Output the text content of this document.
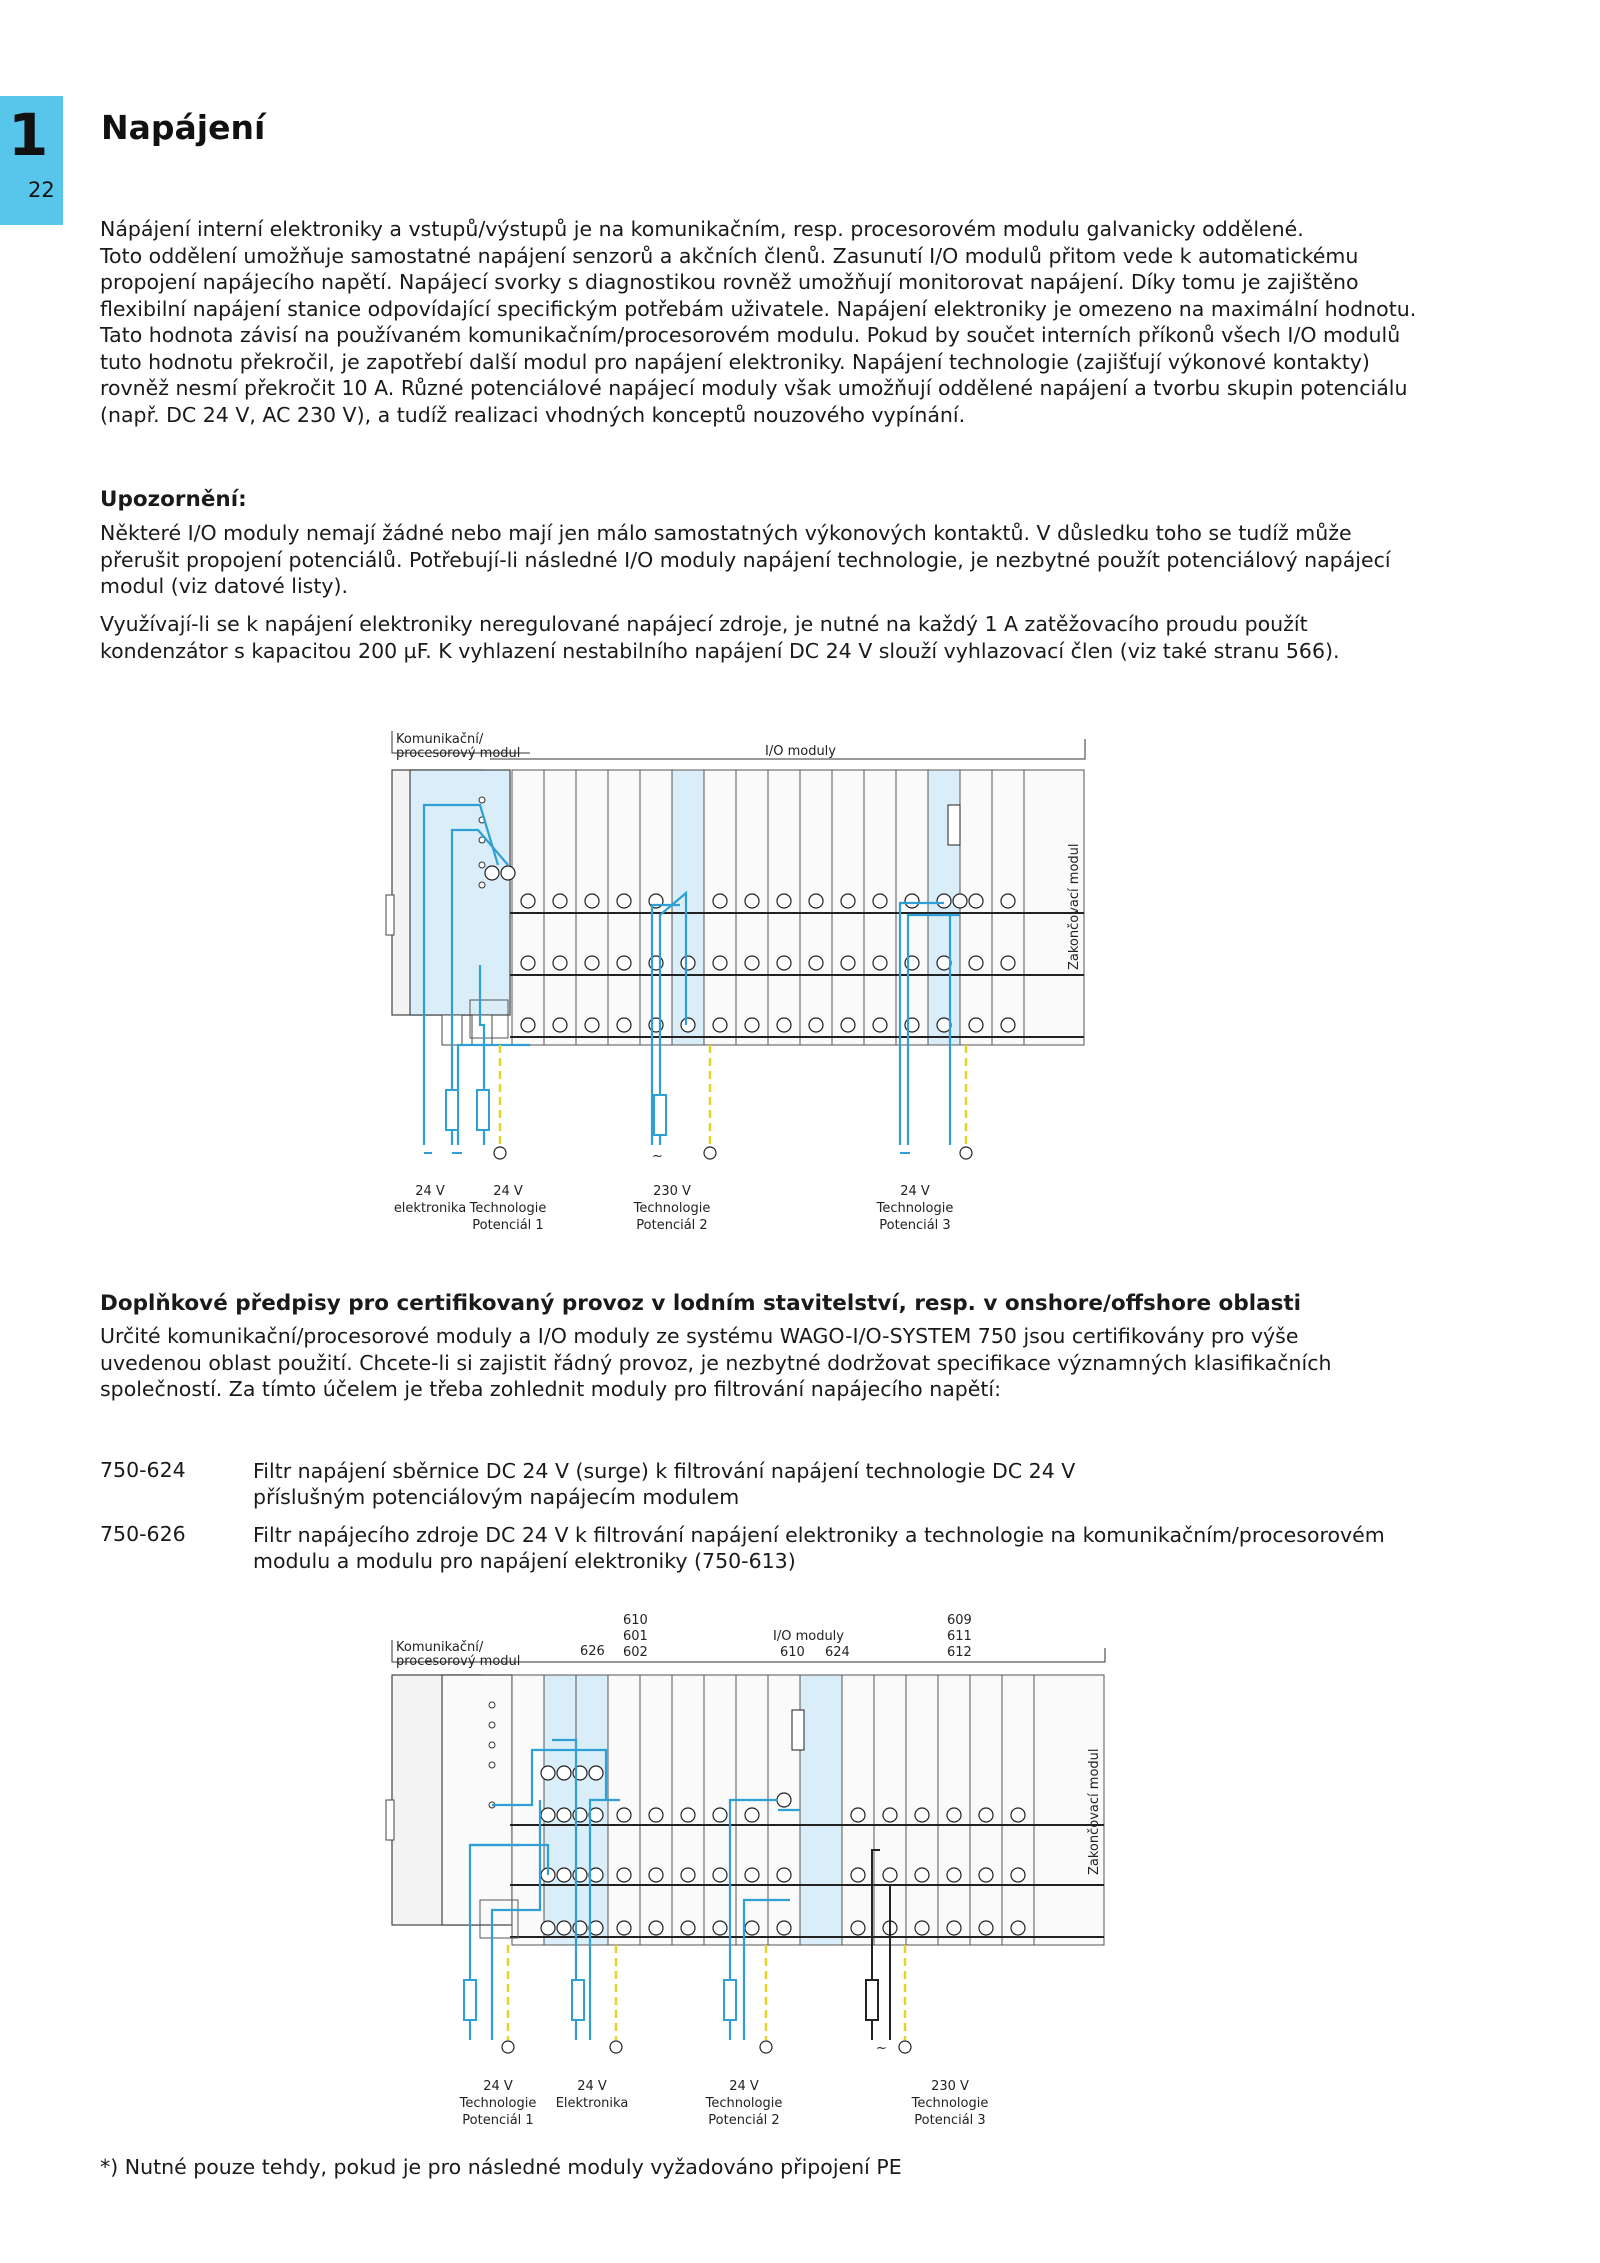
1
22
Napájení
Nápájení interní elektroniky a vstupů/výstupů je na komunikačním, resp. procesorovém modulu galvanicky oddělené.
Toto oddělení umožňuje samostatné napájení senzorů a akčních členů. Zasunutí I/O modulů přitom vede k automatickému
propojení napájecího napětí. Napájecí svorky s diagnostikou rovněž umožňují monitorovat napájení. Díky tomu je zajištěno
flexibilní napájení stanice odpovídající specifickým potřebám uživatele. Napájení elektroniky je omezeno na maximální hodnotu.
Tato hodnota závisí na používaném komunikačním/procesorovém modulu. Pokud by součet interních příkonů všech I/O modulů
tuto hodnotu překročil, je zapotřebí další modul pro napájení elektroniky. Napájení technologie (zajišťují výkonové kontakty)
rovněž nesmí překročit 10 A. Různé potenciálové napájecí moduly však umožňují oddělené napájení a tvorbu skupin potenciálu
(např. DC 24 V, AC 230 V), a tudíž realizaci vhodných konceptů nouzového vypínání.
Upozornění:
Některé I/O moduly nemají žádné nebo mají jen málo samostatných výkonových kontaktů. V důsledku toho se tudíž může
přerušit propojení potenciálů. Potřebují-li následné I/O moduly napájení technologie, je nezbytné použít potenciálový napájecí
modul (viz datové listy).
Využívají-li se k napájení elektroniky neregulované napájecí zdroje, je nutné na každý 1 A zatěžovacího proudu použít
kondenzátor s kapacitou 200 µF. K vyhlazení nestabilního napájení DC 24 V slouží vyhlazovací člen (viz také stranu 566).
Komunikační/
procesorový modul	I/O moduly
Zakončovací modul
~
24 V
elektronika
24 V
Technologie
Potenciál 1
230 V
Technologie
Potenciál 2
24 V
Technologie
Potenciál 3
Doplňkové předpisy pro certifikovaný provoz v lodním stavitelství, resp. v onshore/offshore oblasti
Určité komunikační/procesorové moduly a I/O moduly ze systému WAGO-I/O-SYSTEM 750 jsou certifikovány pro výše
uvedenou oblast použití. Chcete-li si zajistit řádný provoz, je nezbytné dodržovat specifikace významných klasifikačních
společností. Za tímto účelem je třeba zohlednit moduly pro filtrování napájecího napětí:
750-624	Filtr napájení sběrnice DC 24 V (surge) k filtrování napájení technologie DC 24 V
příslušným potenciálovým napájecím modulem
750-626	Filtr napájecího zdroje DC 24 V k filtrování napájení elektroniky a technologie na komunikačním/procesorovém
modulu a modulu pro napájení elektroniky (750-613)
Komunikační/
procesorový modul
626
610
601
602
I/O moduly
610 624
609
611
612
Zakončovací modul
~
24 V
Technologie
Potenciál 1
24 V
Elektronika
24 V
Technologie
Potenciál 2
230 V
Technologie
Potenciál 3
*) Nutné pouze tehdy, pokud je pro následné moduly vyžadováno připojení PE
